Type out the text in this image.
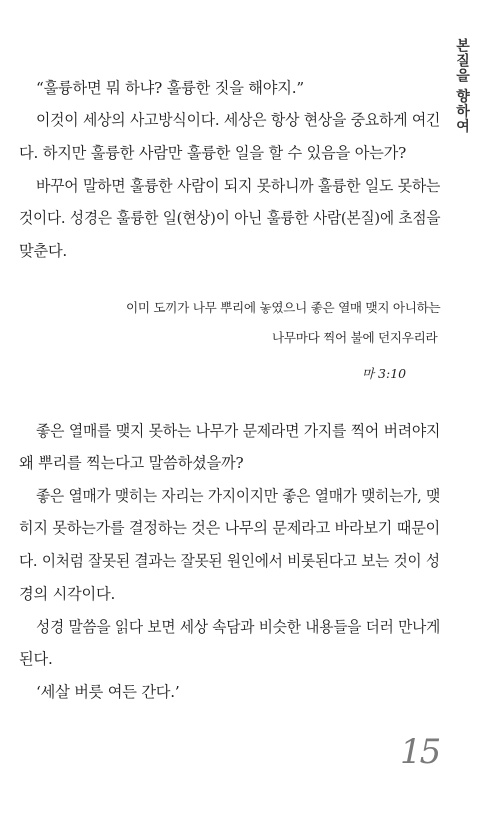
본질을 향하여
“훌륭하면 뭐 하냐? 훌륭한 짓을 해야지.”
이것이 세상의 사고방식이다. 세상은 항상 현상을 중요하게 여긴
다. 하지만 훌륭한 사람만 훌륭한 일을 할 수 있음을 아는가?
바꾸어 말하면 훌륭한 사람이 되지 못하니까 훌륭한 일도 못하는
것이다. 성경은 훌륭한 일(현상)이 아닌 훌륭한 사람(본질)에 초점을
맞춘다.
이미 도끼가 나무 뿌리에 놓였으니 좋은 열매 맺지 아니하는
나무마다 찍어 불에 던지우리라
마 3:10
좋은 열매를 맺지 못하는 나무가 문제라면 가지를 찍어 버려야지
왜 뿌리를 찍는다고 말씀하셨을까?
좋은 열매가 맺히는 자리는 가지이지만 좋은 열매가 맺히는가, 맺
히지 못하는가를 결정하는 것은 나무의 문제라고 바라보기 때문이
다. 이처럼 잘못된 결과는 잘못된 원인에서 비롯된다고 보는 것이 성
경의 시각이다.
성경 말씀을 읽다 보면 세상 속담과 비슷한 내용들을 더러 만나게
된다.
‘세살 버릇 여든 간다.’
15
